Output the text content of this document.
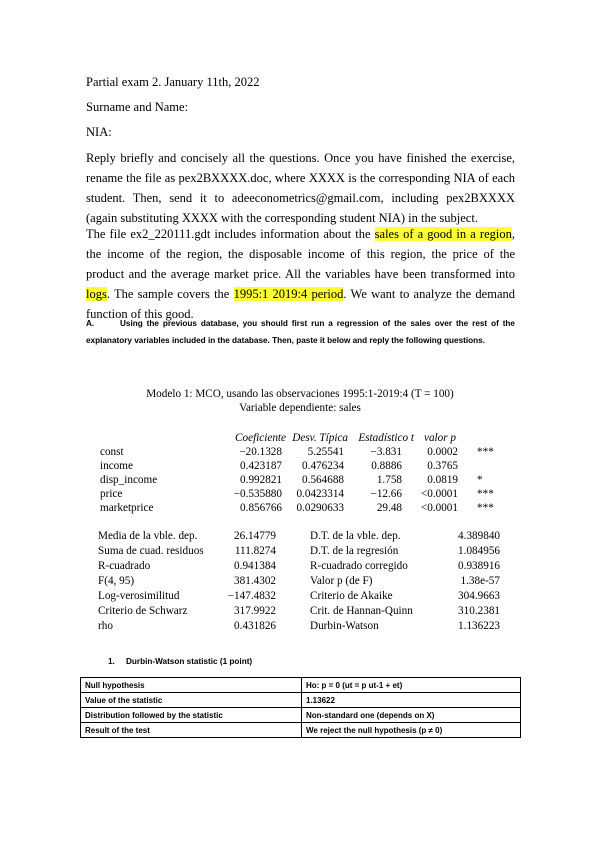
Partial exam 2. January 11th, 2022
Surname and Name:
NIA:
Reply briefly and concisely all the questions. Once you have finished the exercise, rename the file as pex2BXXXX.doc, where XXXX is the corresponding NIA of each student. Then, send it to adeeconometrics@gmail.com, including pex2BXXXX (again substituting XXXX with the corresponding student NIA) in the subject.
The file ex2_220111.gdt includes information about the sales of a good in a region, the income of the region, the disposable income of this region, the price of the product and the average market price. All the variables have been transformed into logs. The sample covers the 1995:1 2019:4 period. We want to analyze the demand function of this good.
A.	Using the previous database, you should first run a regression of the sales over the rest of the explanatory variables included in the database. Then, paste it below and reply the following questions.
Modelo 1: MCO, usando las observaciones 1995:1-2019:4 (T = 100)
Variable dependiente: sales
Coeficiente Desv. Típica Estadístico t valor p
const	−20.1328	5.25541	−3.831	0.0002 ***
income	0.423187	0.476234	0.8886	0.3765
disp_income	0.992821	0.564688	1.758	0.0819 *
price	−0.535880	0.0423314	−12.66	<0.0001 ***
marketprice	0.856766	0.0290633	29.48	<0.0001 ***
Media de la vble. dep.	26.14779	D.T. de la vble. dep.	4.389840
Suma de cuad. residuos	111.8274	D.T. de la regresión	1.084956
R-cuadrado	0.941384	R-cuadrado corregido	0.938916
F(4, 95)	381.4302	Valor p (de F)	1.38e-57
Log-verosimilitud	−147.4832	Criterio de Akaike	304.9663
Criterio de Schwarz	317.9922	Crit. de Hannan-Quinn	310.2381
rho	0.431826	Durbin-Watson	1.136223
1. Durbin-Watson statistic (1 point)
Null hypothesis	Ho: p = 0 (ut = p ut-1 + et)
Value of the statistic	1.13622
Distribution followed by the statistic	Non-standard one (depends on X)
Result of the test	We reject the null hypothesis (p ≠ 0)
